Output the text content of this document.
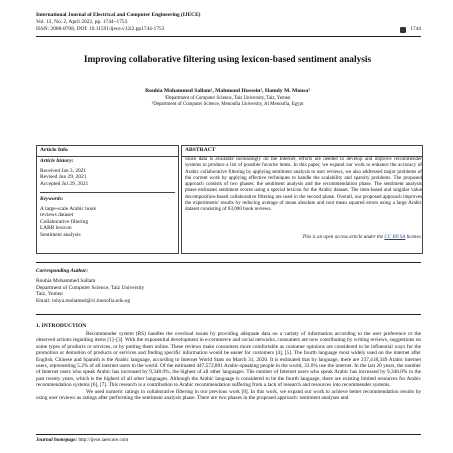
International Journal of Electrical and Computer Engineering (IJECE)
Vol. 12, No. 2, April 2022, pp. 1744~1753
ISSN: 2088-8708, DOI: 10.11591/ijece.v12i2.pp1744-1753	1744
Improving collaborative filtering using lexicon-based sentiment analysis
Rouhia Mohammed Sallam¹, Mahmoud Hussein², Hamdy M. Mousa²
¹Department of Computer Science, Taiz University, Taiz, Yemen
²Department of Computer Science, Menoufia University, Al Menoufia, Egypt
Article Info
Article history:
Received Jan 3, 2021
Revised Jun 29, 2021
Accepted Jul 29, 2021
Keywords:
A large-scale Arabic book
reviews dataset
Collaborative filtering
LABR lexicon
Sentiment analysis
ABSTRACT
Since data is available increasingly on the Internet, efforts are needed to develop and improve recommender systems to produce a list of possible favorite items. In this paper, we expand our work to enhance the accuracy of Arabic collaborative filtering by applying sentiment analysis to user reviews, we also addressed major problems of the current work by applying effective techniques to handle the scalability and sparsity problems. The proposed approach consists of two phases: the sentiment analysis and the recommendation phase. The sentiment analysis phase estimates sentiment scores using a special lexicon for the Arabic dataset. The item-based and singular value decomposition-based collaborative filtering are used in the second phase. Overall, our proposed approach improves the experiments' results by reducing average of mean absolute and root mean squared errors using a large Arabic dataset consisting of 63,000 book reviews.
This is an open access article under the CC BY-SA license.
Corresponding Author:
Rouhia Mohammed Sallam
Department of Computer Science, Taiz University
Taiz, Yemen
Email: rohya.mohamed@ci.menofia.edu.eg
1. INTRODUCTION

Recommender system (RS) handles the overload issues by providing adequate data on a variety of information according to the user preference or the observed actions regarding items [1]–[3]. With the exponential development in e-commerce and social networks, consumers are now contributing by writing reviews, suggestions on some types of products or services, or by putting them online. These reviews make consumers more comfortable as customer opinions are considered to be influential ways for the promotion or demotion of products or services and finding specific information would be easier for customers [4], [5]. The fourth language most widely used on the internet after English, Chinese and Spanish is the Arabic language, according to Internet World Stats on March 31, 2020. It is estimated that by language, there are 237,418,349 Arabic internet users, representing 5.2% of all internet users in the world. Of the estimated 447,572,891 Arabic-speaking people in the world, 33.0% use the internet. In the last 20 years, the number of Internet users who speak Arabic has increased by 9,348.0%, the highest of all other languages. The number of Internet users who speak Arabic has increased by 9,348.0% in the past twenty years, which is the highest of all other languages. Although the Arabic language is considered to be the fourth language, there are existing limited resources for Arabic recommendation systems [6], [7]. This research is a contribution to Arabic recommendation suffering from a lack of research and resources into recommender systems.

We used numeric ratings in collaborative filtering in our previous work [8]. In this work, we expand our work to achieve better recommendation results by using user reviews as ratings after performing the sentiment analysis phase. There are two phases in the proposed approach: sentiment analyses and

Journal homepage: http://ijece.iaescore.com
